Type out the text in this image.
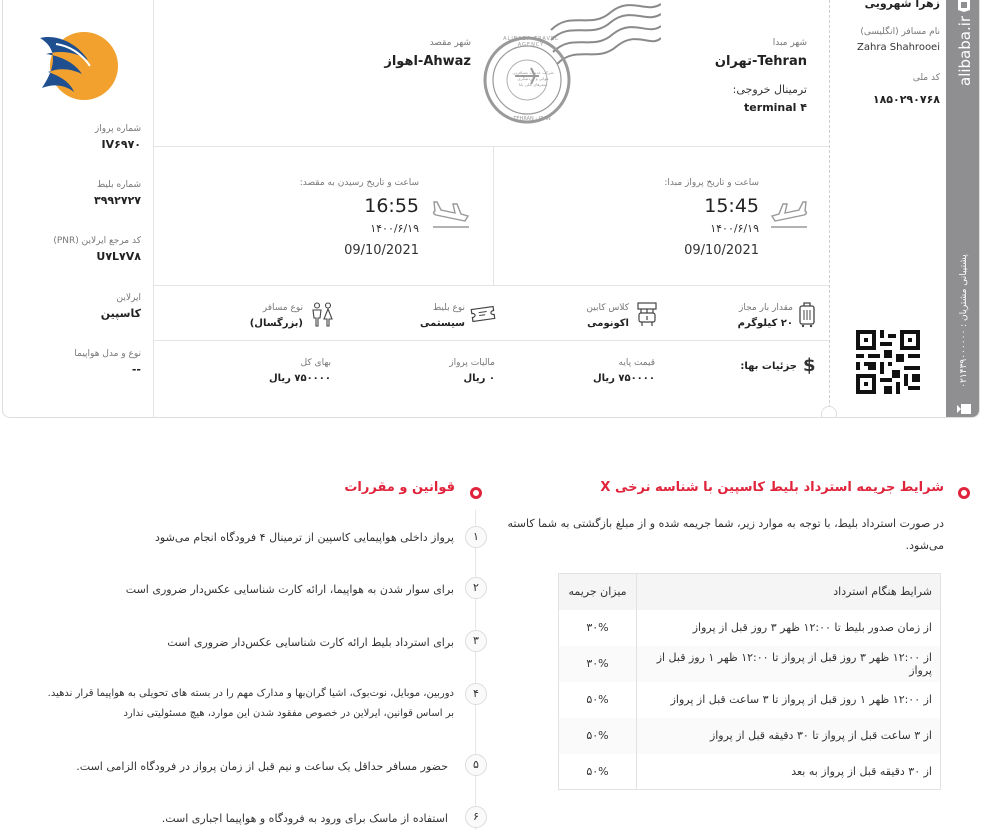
شماره پرواز
IV۶۹۷۰
شماره بلیط
۳۹۹۲۷۲۷
کد مرجع ایرلاین (PNR)
U۷L۷V۸
ایرلاین
کاسپین
نوع و مدل هواپیما
--
شهر مبدا
Tehran-تهران
ترمینال خروجی:
terminal ۴
شهر مقصد
Ahwaz-اهواز
ALIBABA TRAVEL AGENCY
TEHRAN - IRAN
شرکت خدمات مسافرتی هوایی و گردشگری سفرهای علی بابا
زهرا شهرویی
نام مسافر (انگلیسی)
Zahra Shahrooei
کد ملی
۱۸۵۰۲۹۰۷۶۸
alibaba.ir
پشتیبانی مشتریان : ۰۲۱۴۳۹۰۰۰۰۰۰
ساعت و تاریخ پرواز مبدا:
15:45
۱۴۰۰/۶/۱۹
09/10/2021
ساعت و تاریخ رسیدن به مقصد:
16:55
۱۴۰۰/۶/۱۹
09/10/2021
مقدار بار مجاز
۲۰ کیلوگرم
کلاس کابین
اکونومی
نوع بلیط
سیستمی
نوع مسافر
(بزرگسال)
$
جزئیات بها:
قیمت پایه
۷۵۰۰۰۰ ریال
مالیات پرواز
۰ ریال
بهای کل
۷۵۰۰۰۰ ریال
شرایط جریمه استرداد بلیط کاسپین با شناسه نرخی X
در صورت استرداد بلیط، با توجه به موارد زیر، شما جریمه شده و از مبلغ بازگشتی به شما کاسته می‌شود.
شرایط هنگام استرداد	میزان جریمه
از زمان صدور بلیط تا ۱۲:۰۰ ظهر ۳ روز قبل از پرواز	۳۰%
از ۱۲:۰۰ ظهر ۳ روز قبل از پرواز تا ۱۲:۰۰ ظهر ۱ روز قبل از پرواز	۳۰%
از ۱۲:۰۰ ظهر ۱ روز قبل از پرواز تا ۳ ساعت قبل از پرواز	۵۰%
از ۳ ساعت قبل از پرواز تا ۳۰ دقیقه قبل از پرواز	۵۰%
از ۳۰ دقیقه قبل از پرواز به بعد	۵۰%
قوانین و مقررات
۱
پرواز داخلی هواپیمایی کاسپین از ترمینال ۴ فرودگاه انجام می‌شود
۲
برای سوار شدن به هواپیما، ارائه کارت شناسایی عکس‌دار ضروری است
۳
برای استرداد بلیط ارائه کارت شناسایی عکس‌دار ضروری است
۴
دوربین، موبایل، نوت‌بوک، اشیا گران‌بها و مدارک مهم را در بسته های تحویلی به هواپیما قرار ندهید.
بر اساس قوانین، ایرلاین در خصوص مفقود شدن این موارد، هیچ مسئولیتی ندارد
۵
حضور مسافر حداقل یک ساعت و نیم قبل از زمان پرواز در فرودگاه الزامی است.
۶
استفاده از ماسک برای ورود به فرودگاه و هواپیما اجباری است.
